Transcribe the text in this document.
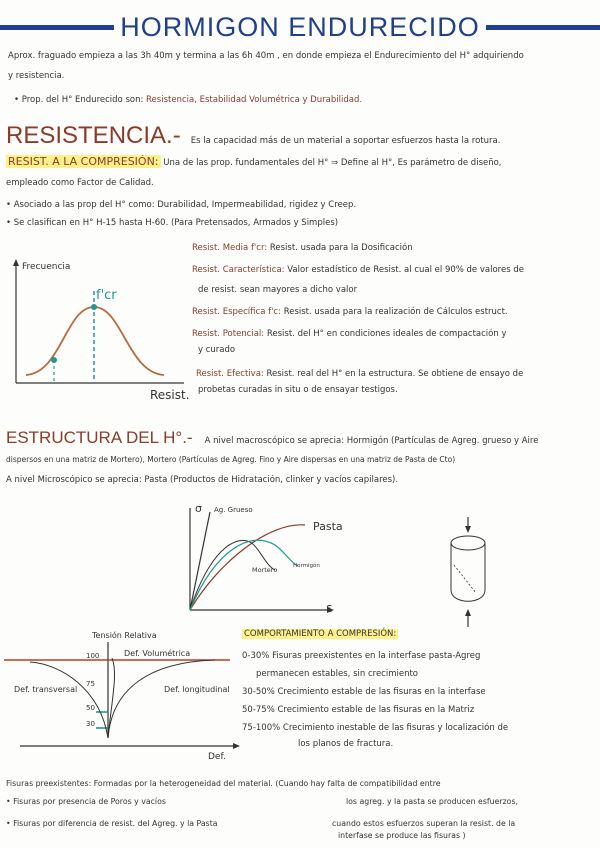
HORMIGON ENDURECIDO
Aprox. fraguado empieza a las 3h 40m y termina a las 6h 40m , en donde empieza el Endurecimiento del H° adquiriendo
y resistencia.
• Prop. del H° Endurecido son: Resistencia, Estabilidad Volumétrica y Durabilidad.
RESISTENCIA.- Es la capacidad más de un material a soportar esfuerzos hasta la rotura.
RESIST. A LA COMPRESIÓN: Una de las prop. fundamentales del H° ⇒ Define al H°, Es parámetro de diseño,
empleado como Factor de Calidad.
• Asociado a las prop del H° como: Durabilidad, Impermeabilidad, rigidez y Creep.
• Se clasifican en H° H-15 hasta H-60. (Para Pretensados, Armados y Simples)
Frecuencia
f'cr
Resist.
Resist. Media f'cr: Resist. usada para la Dosificación
Resist. Característica: Valor estadístico de Resist. al cual el 90% de valores de
de resist. sean mayores a dicho valor
Resist. Específica f'c: Resist. usada para la realización de Cálculos estruct.
Resist. Potencial: Resist. del H° en condiciones ideales de compactación y
y curado
Resist. Efectiva: Resist. real del H° en la estructura. Se obtiene de ensayo de
probetas curadas in situ o de ensayar testigos.
ESTRUCTURA DEL H°.- A nivel macroscópico se aprecia: Hormigón (Partículas de Agreg. grueso y Aire
dispersos en una matriz de Mortero), Mortero (Partículas de Agreg. Fino y Aire dispersas en una matriz de Pasta de Cto)
A nivel Microscópico se aprecia: Pasta (Productos de Hidratación, clinker y vacíos capilares).
σ
ε
Ag. Grueso
Pasta
Hormigón
Mortero
Tensión Relativa
100
75
50
30
Def. Volumétrica
Def. transversal	Def. longitudinal
Def.
COMPORTAMIENTO A COMPRESIÓN:
0-30% Fisuras preexistentes en la interfase pasta-Agreg
permanecen estables, sin crecimiento
30-50% Crecimiento estable de las fisuras en la interfase
50-75% Crecimiento estable de las fisuras en la Matriz
75-100% Crecimiento inestable de las fisuras y localización de
los planos de fractura.
Fisuras preexistentes: Formadas por la heterogeneidad del material. (Cuando hay falta de compatibilidad entre
• Fisuras por presencia de Poros y vacíos
• Fisuras por diferencia de resist. del Agreg. y la Pasta
los agreg. y la pasta se producen esfuerzos,
cuando estos esfuerzos superan la resist. de la
interfase se produce las fisuras )
